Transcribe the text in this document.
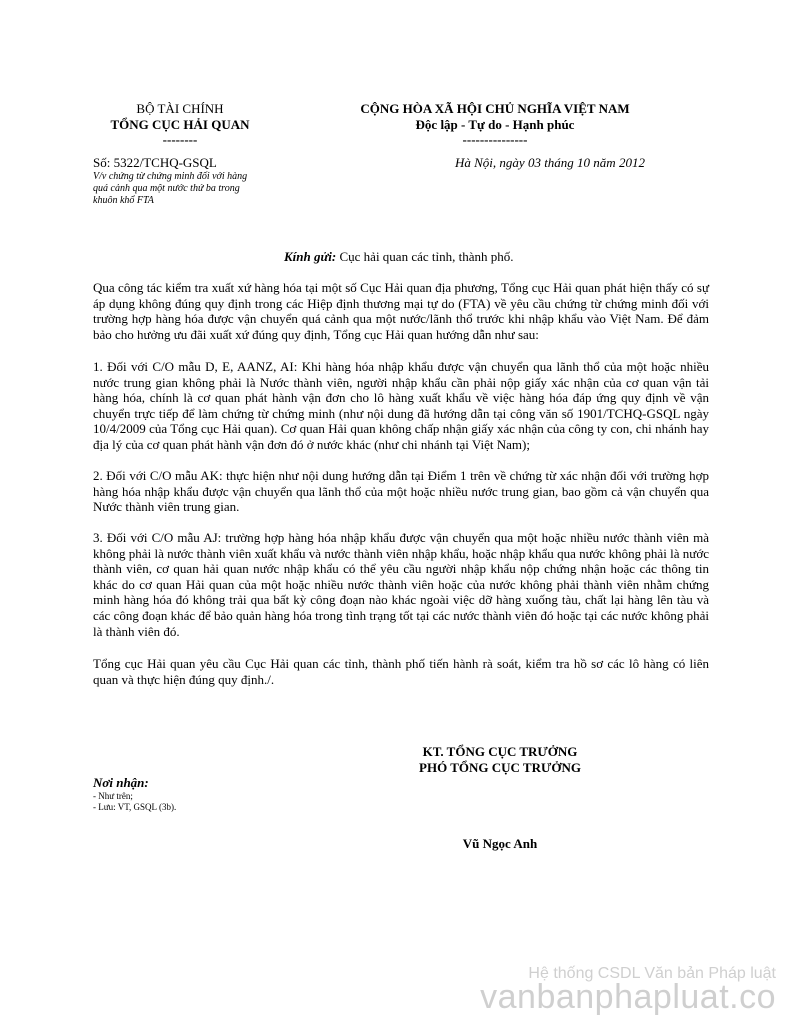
BỘ TÀI CHÍNH
TỔNG CỤC HẢI QUAN
--------
CỘNG HÒA XÃ HỘI CHỦ NGHĨA VIỆT NAM
Độc lập - Tự do - Hạnh phúc
---------------
Số: 5322/TCHQ-GSQL
V/v chứng từ chứng minh đối với hàng quá cảnh qua một nước thứ ba trong khuôn khổ FTA
Hà Nội, ngày 03 tháng 10 năm 2012
Kính gửi: Cục hải quan các tỉnh, thành phố.
Qua công tác kiểm tra xuất xứ hàng hóa tại một số Cục Hải quan địa phương, Tổng cục Hải quan phát hiện thấy có sự áp dụng không đúng quy định trong các Hiệp định thương mại tự do (FTA) về yêu cầu chứng từ chứng minh đối với trường hợp hàng hóa được vận chuyển quá cảnh qua một nước/lãnh thổ trước khi nhập khẩu vào Việt Nam. Để đảm bảo cho hưởng ưu đãi xuất xứ đúng quy định, Tổng cục Hải quan hướng dẫn như sau:
1. Đối với C/O mẫu D, E, AANZ, AI: Khi hàng hóa nhập khẩu được vận chuyển qua lãnh thổ của một hoặc nhiều nước trung gian không phải là Nước thành viên, người nhập khẩu cần phải nộp giấy xác nhận của cơ quan vận tải hàng hóa, chính là cơ quan phát hành vận đơn cho lô hàng xuất khẩu về việc hàng hóa đáp ứng quy định về vận chuyển trực tiếp để làm chứng từ chứng minh (như nội dung đã hướng dẫn tại công văn số 1901/TCHQ-GSQL ngày 10/4/2009 của Tổng cục Hải quan). Cơ quan Hải quan không chấp nhận giấy xác nhận của công ty con, chi nhánh hay địa lý của cơ quan phát hành vận đơn đó ở nước khác (như chi nhánh tại Việt Nam);
2. Đối với C/O mẫu AK: thực hiện như nội dung hướng dẫn tại Điểm 1 trên về chứng từ xác nhận đối với trường hợp hàng hóa nhập khẩu được vận chuyển qua lãnh thổ của một hoặc nhiều nước trung gian, bao gồm cả vận chuyển qua Nước thành viên trung gian.
3. Đối với C/O mẫu AJ: trường hợp hàng hóa nhập khẩu được vận chuyển qua một hoặc nhiều nước thành viên mà không phải là nước thành viên xuất khẩu và nước thành viên nhập khẩu, hoặc nhập khẩu qua nước không phải là nước thành viên, cơ quan hải quan nước nhập khẩu có thể yêu cầu người nhập khẩu nộp chứng nhận hoặc các thông tin khác do cơ quan Hải quan của một hoặc nhiều nước thành viên hoặc của nước không phải thành viên nhằm chứng minh hàng hóa đó không trải qua bất kỳ công đoạn nào khác ngoài việc dỡ hàng xuống tàu, chất lại hàng lên tàu và các công đoạn khác để bảo quản hàng hóa trong tình trạng tốt tại các nước thành viên đó hoặc tại các nước không phải là thành viên đó.
Tổng cục Hải quan yêu cầu Cục Hải quan các tỉnh, thành phố tiến hành rà soát, kiểm tra hồ sơ các lô hàng có liên quan và thực hiện đúng quy định./.
KT. TỔNG CỤC TRƯỞNG
PHÓ TỔNG CỤC TRƯỞNG
Vũ Ngọc Anh
Nơi nhận:
- Như trên;
- Lưu: VT, GSQL (3b).
Hệ thống CSDL Văn bản Pháp luật
vanbanphapluat.co
